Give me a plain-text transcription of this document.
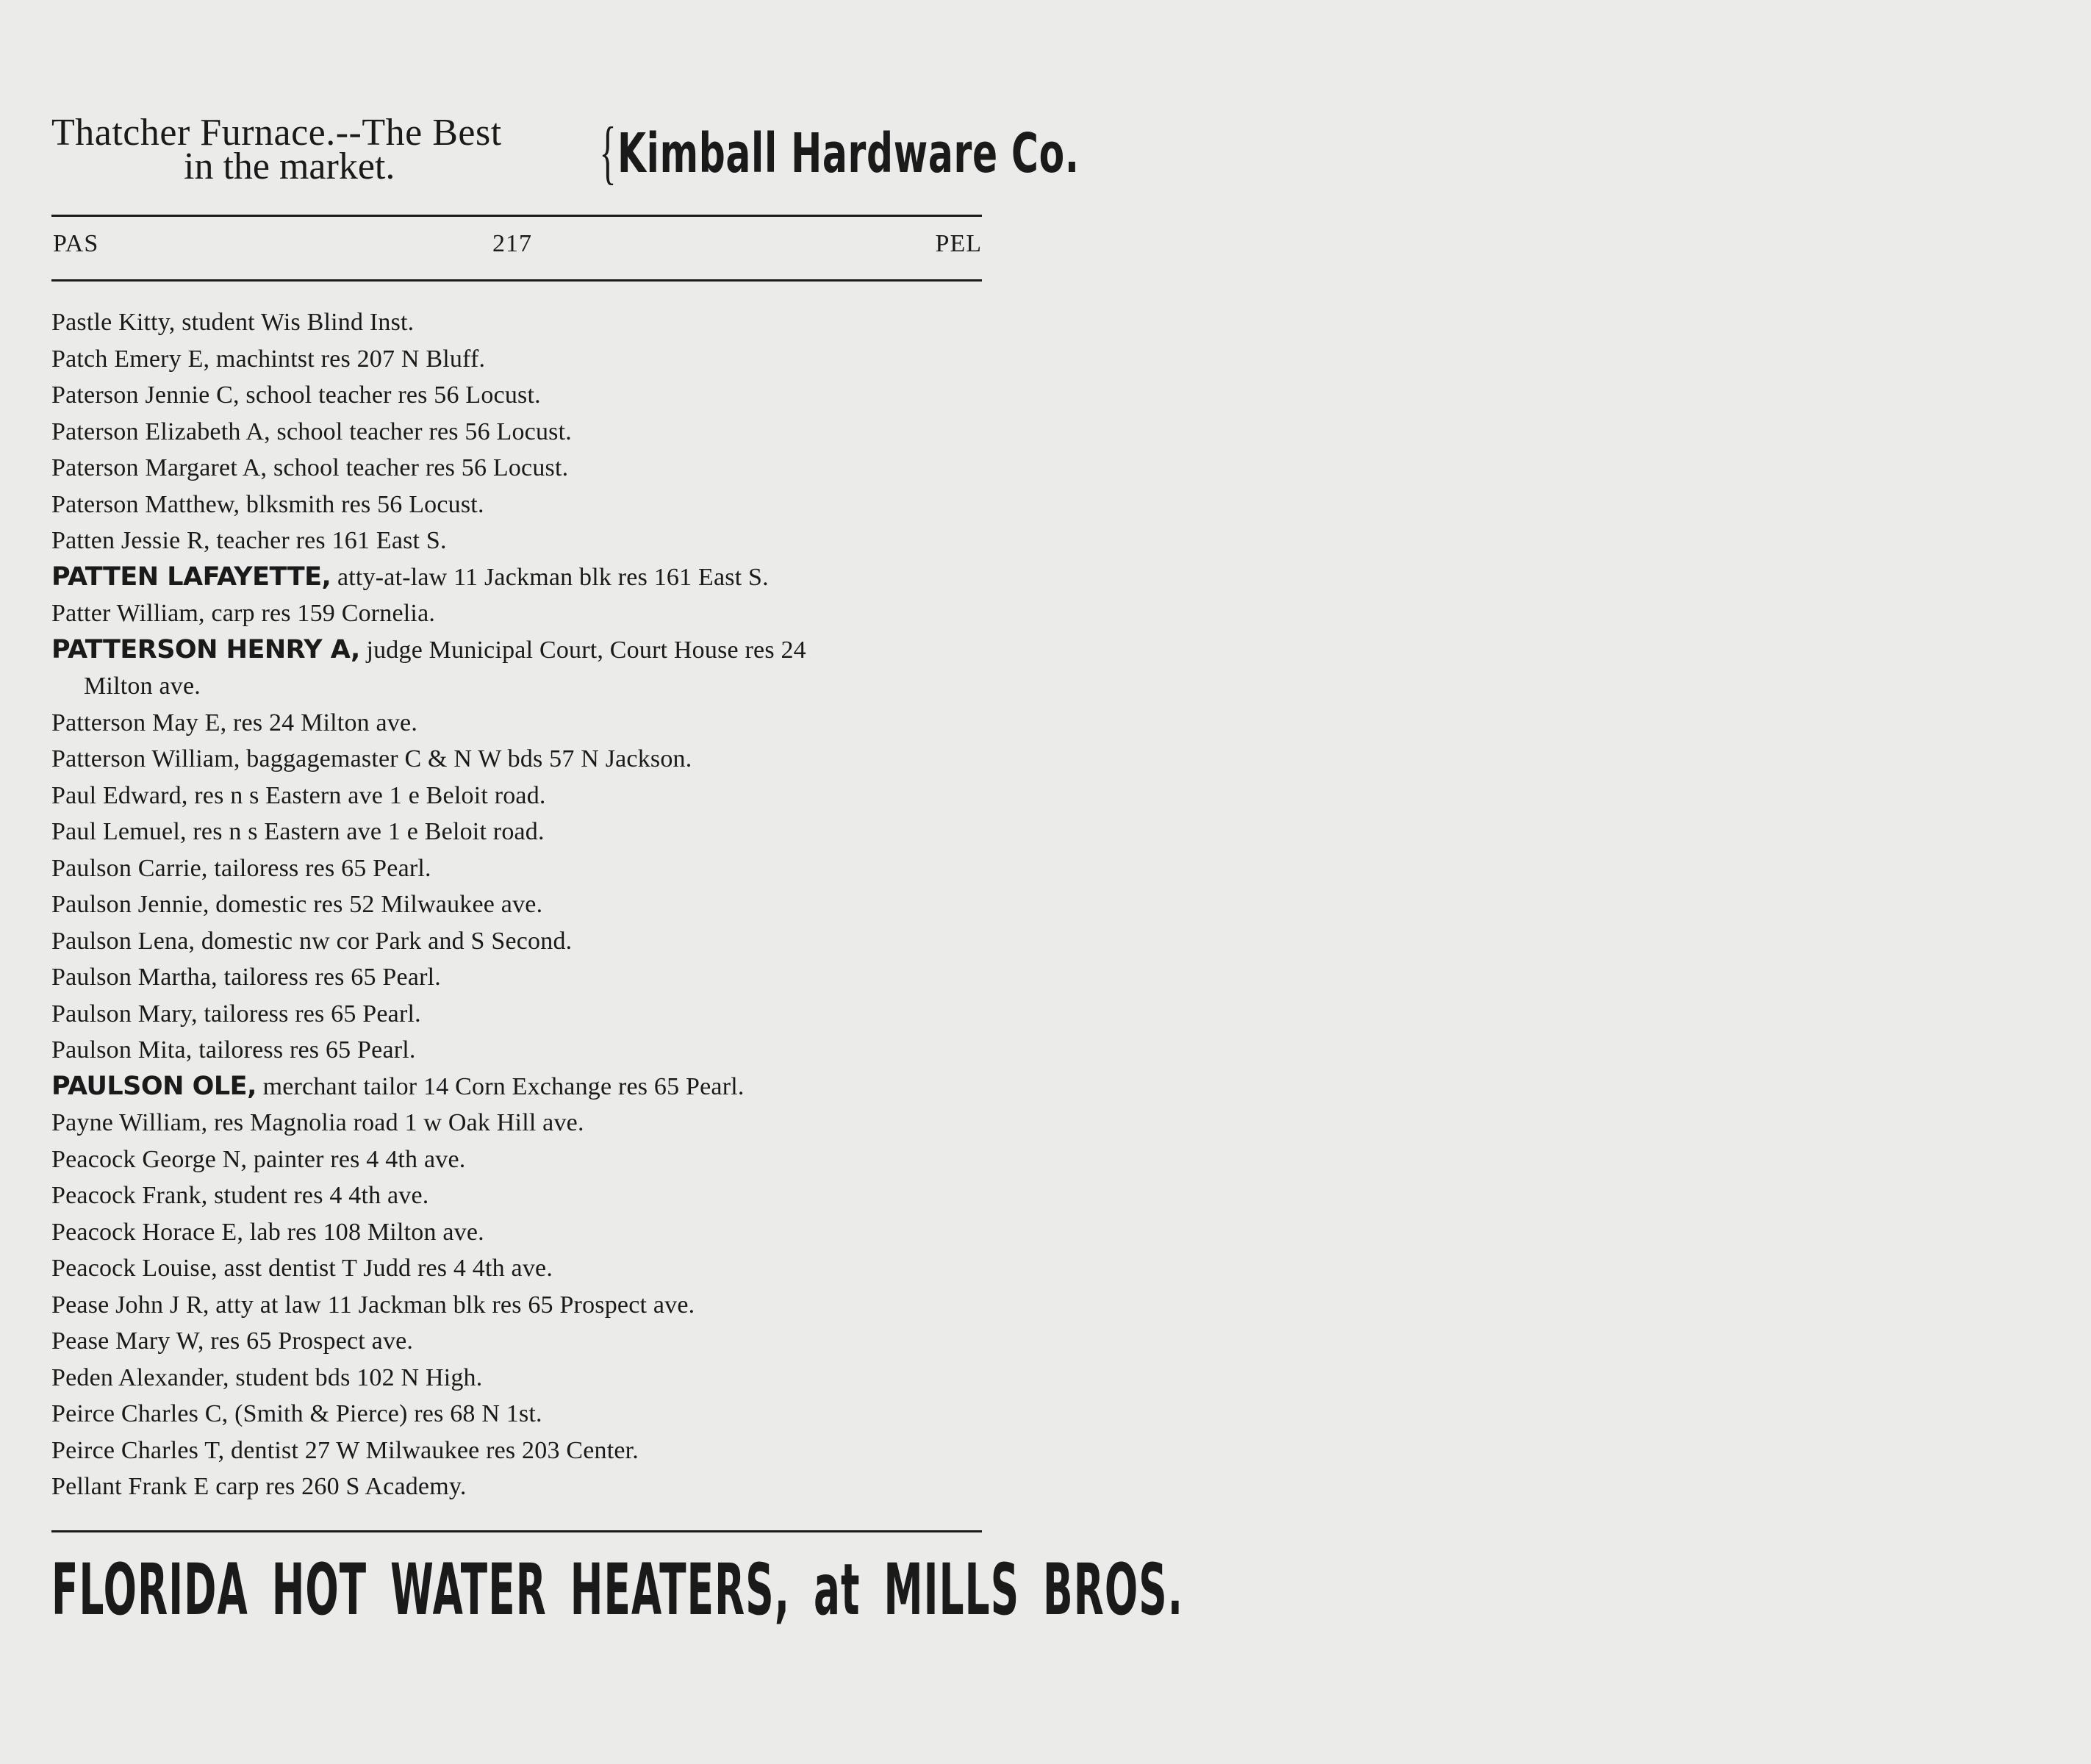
Thatcher Furnace.--The Best
in the market.	{ Kimball Hardware Co.
PAS	217	PEL
Pastle Kitty, student Wis Blind Inst.
Patch Emery E, machintst res 207 N Bluff.
Paterson Jennie C, school teacher res 56 Locust.
Paterson Elizabeth A, school teacher res 56 Locust.
Paterson Margaret A, school teacher res 56 Locust.
Paterson Matthew, blksmith res 56 Locust.
Patten Jessie R, teacher res 161 East S.
PATTEN LAFAYETTE, atty-at-law 11 Jackman blk res 161 East S.
Patter William, carp res 159 Cornelia.
PATTERSON HENRY A, judge Municipal Court, Court House res 24
Milton ave.
Patterson May E, res 24 Milton ave.
Patterson William, baggagemaster C & N W bds 57 N Jackson.
Paul Edward, res n s Eastern ave 1 e Beloit road.
Paul Lemuel, res n s Eastern ave 1 e Beloit road.
Paulson Carrie, tailoress res 65 Pearl.
Paulson Jennie, domestic res 52 Milwaukee ave.
Paulson Lena, domestic nw cor Park and S Second.
Paulson Martha, tailoress res 65 Pearl.
Paulson Mary, tailoress res 65 Pearl.
Paulson Mita, tailoress res 65 Pearl.
PAULSON OLE, merchant tailor 14 Corn Exchange res 65 Pearl.
Payne William, res Magnolia road 1 w Oak Hill ave.
Peacock George N, painter res 4 4th ave.
Peacock Frank, student res 4 4th ave.
Peacock Horace E, lab res 108 Milton ave.
Peacock Louise, asst dentist T Judd res 4 4th ave.
Pease John J R, atty at law 11 Jackman blk res 65 Prospect ave.
Pease Mary W, res 65 Prospect ave.
Peden Alexander, student bds 102 N High.
Peirce Charles C, (Smith & Pierce) res 68 N 1st.
Peirce Charles T, dentist 27 W Milwaukee res 203 Center.
Pellant Frank E carp res 260 S Academy.
FLORIDA HOT WATER HEATERS, at MILLS BROS.
